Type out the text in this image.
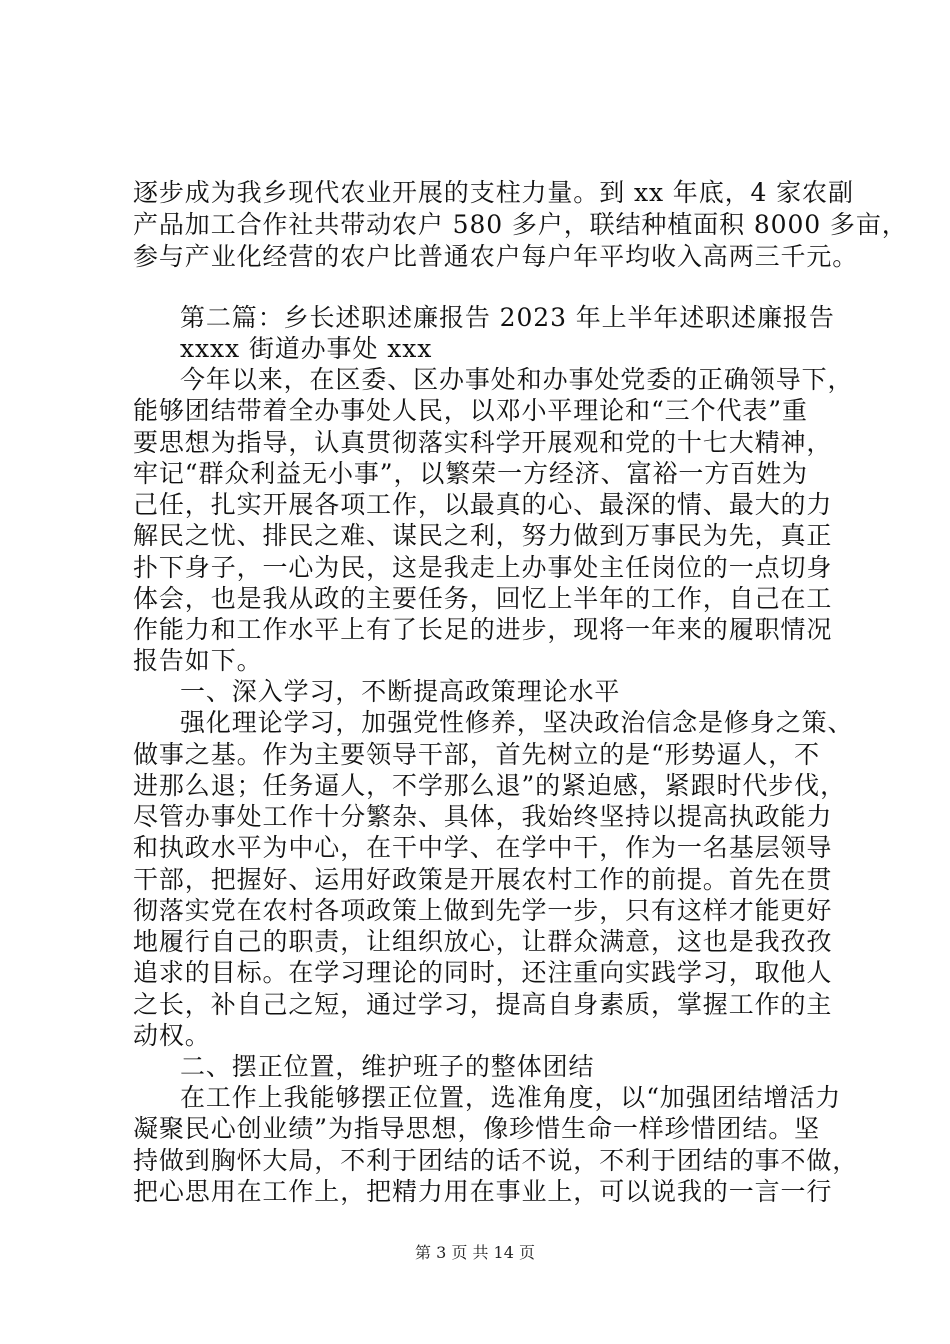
逐步成为我乡现代农业开展的支柱力量。到 xx 年底，4 家农副
产品加工合作社共带动农户 580 多户，联结种植面积 8000 多亩，
参与产业化经营的农户比普通农户每户年平均收入高两三千元。
第二篇：乡长述职述廉报告 2023 年上半年述职述廉报告
xxxx 街道办事处 xxx
今年以来，在区委、区办事处和办事处党委的正确领导下，
能够团结带着全办事处人民，以邓小平理论和“三个代表”重
要思想为指导，认真贯彻落实科学开展观和党的十七大精神，
牢记“群众利益无小事”，以繁荣一方经济、富裕一方百姓为
己任，扎实开展各项工作，以最真的心、最深的情、最大的力
解民之忧、排民之难、谋民之利，努力做到万事民为先，真正
扑下身子，一心为民，这是我走上办事处主任岗位的一点切身
体会，也是我从政的主要任务，回忆上半年的工作，自己在工
作能力和工作水平上有了长足的进步，现将一年来的履职情况
报告如下。
一、深入学习，不断提高政策理论水平
强化理论学习，加强党性修养，坚决政治信念是修身之策、
做事之基。作为主要领导干部，首先树立的是“形势逼人，不
进那么退；任务逼人，不学那么退”的紧迫感，紧跟时代步伐，
尽管办事处工作十分繁杂、具体，我始终坚持以提高执政能力
和执政水平为中心，在干中学、在学中干，作为一名基层领导
干部，把握好、运用好政策是开展农村工作的前提。首先在贯
彻落实党在农村各项政策上做到先学一步，只有这样才能更好
地履行自己的职责，让组织放心，让群众满意，这也是我孜孜
追求的目标。在学习理论的同时，还注重向实践学习，取他人
之长，补自己之短，通过学习，提高自身素质，掌握工作的主
动权。
二、摆正位置，维护班子的整体团结
在工作上我能够摆正位置，选准角度，以“加强团结增活力
凝聚民心创业绩”为指导思想，像珍惜生命一样珍惜团结。坚
持做到胸怀大局，不利于团结的话不说，不利于团结的事不做，
把心思用在工作上，把精力用在事业上，可以说我的一言一行
第 3 页 共 14 页
